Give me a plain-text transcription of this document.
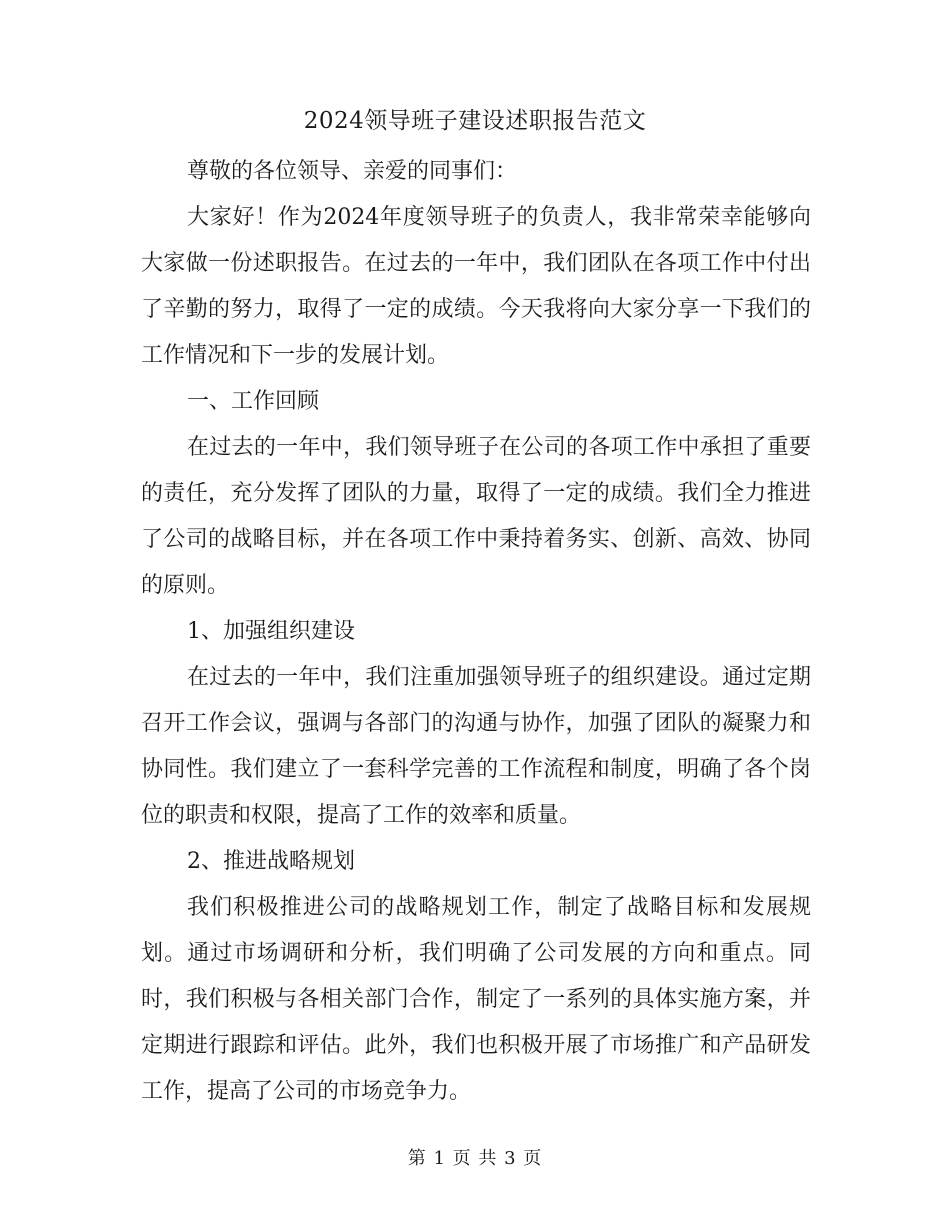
2024领导班子建设述职报告范文

尊敬的各位领导、亲爱的同事们：

大家好！作为2024年度领导班子的负责人，我非常荣幸能够向大家做一份述职报告。在过去的一年中，我们团队在各项工作中付出了辛勤的努力，取得了一定的成绩。今天我将向大家分享一下我们的工作情况和下一步的发展计划。

一、工作回顾

在过去的一年中，我们领导班子在公司的各项工作中承担了重要的责任，充分发挥了团队的力量，取得了一定的成绩。我们全力推进了公司的战略目标，并在各项工作中秉持着务实、创新、高效、协同的原则。

1、加强组织建设

在过去的一年中，我们注重加强领导班子的组织建设。通过定期召开工作会议，强调与各部门的沟通与协作，加强了团队的凝聚力和协同性。我们建立了一套科学完善的工作流程和制度，明确了各个岗位的职责和权限，提高了工作的效率和质量。

2、推进战略规划

我们积极推进公司的战略规划工作，制定了战略目标和发展规划。通过市场调研和分析，我们明确了公司发展的方向和重点。同时，我们积极与各相关部门合作，制定了一系列的具体实施方案，并定期进行跟踪和评估。此外，我们也积极开展了市场推广和产品研发工作，提高了公司的市场竞争力。

第 1 页 共 3 页
